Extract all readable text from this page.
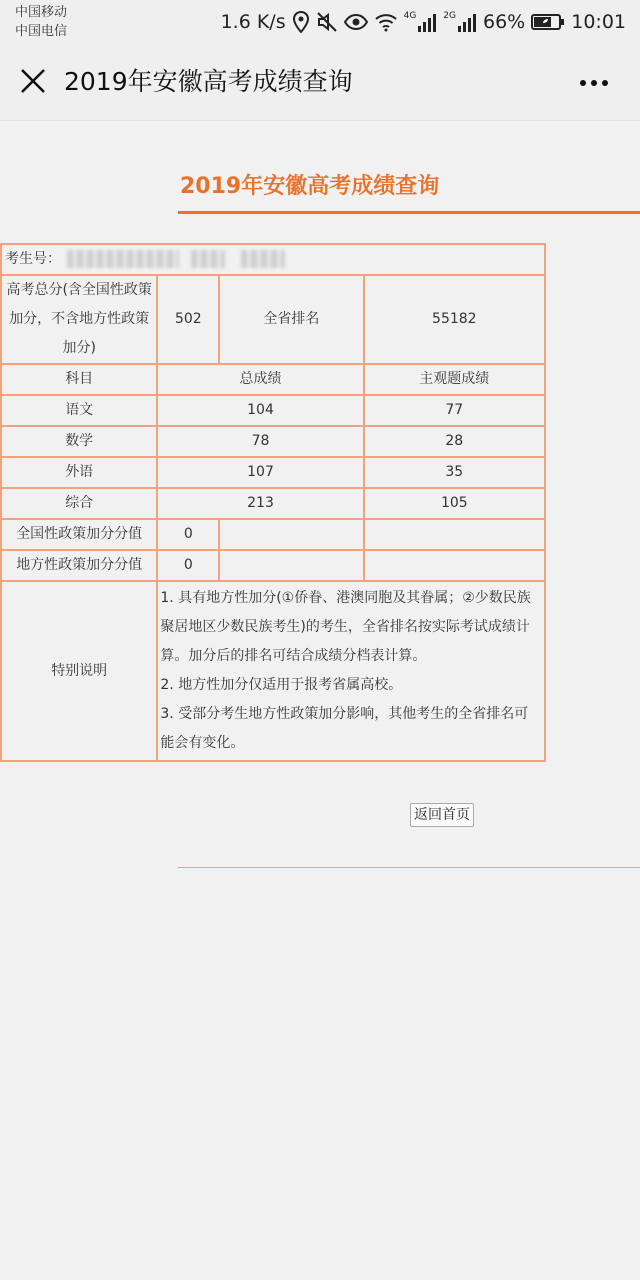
中国移动
中国电信	1.6 K/s	4G	2G 66% 10:01
2019年安徽高考成绩查询
2019年安徽高考成绩查询
考生号：			
高考总分(含全国性政策加分，不含地方性政策加分)	502	全省排名	55182
科目	总成绩		主观题成绩
语文	104		77
数学	78		28
外语	107		35
综合	213		105
全国性政策加分分值	0		
地方性政策加分分值	0		
特别说明	1. 具有地方性加分(①侨眷、港澳同胞及其眷属；②少数民族聚居地区少数民族考生)的考生，全省排名按实际考试成绩计算。加分后的排名可结合成绩分档表计算。
2. 地方性加分仅适用于报考省属高校。
3. 受部分考生地方性政策加分影响，其他考生的全省排名可能会有变化。		
返回首页
